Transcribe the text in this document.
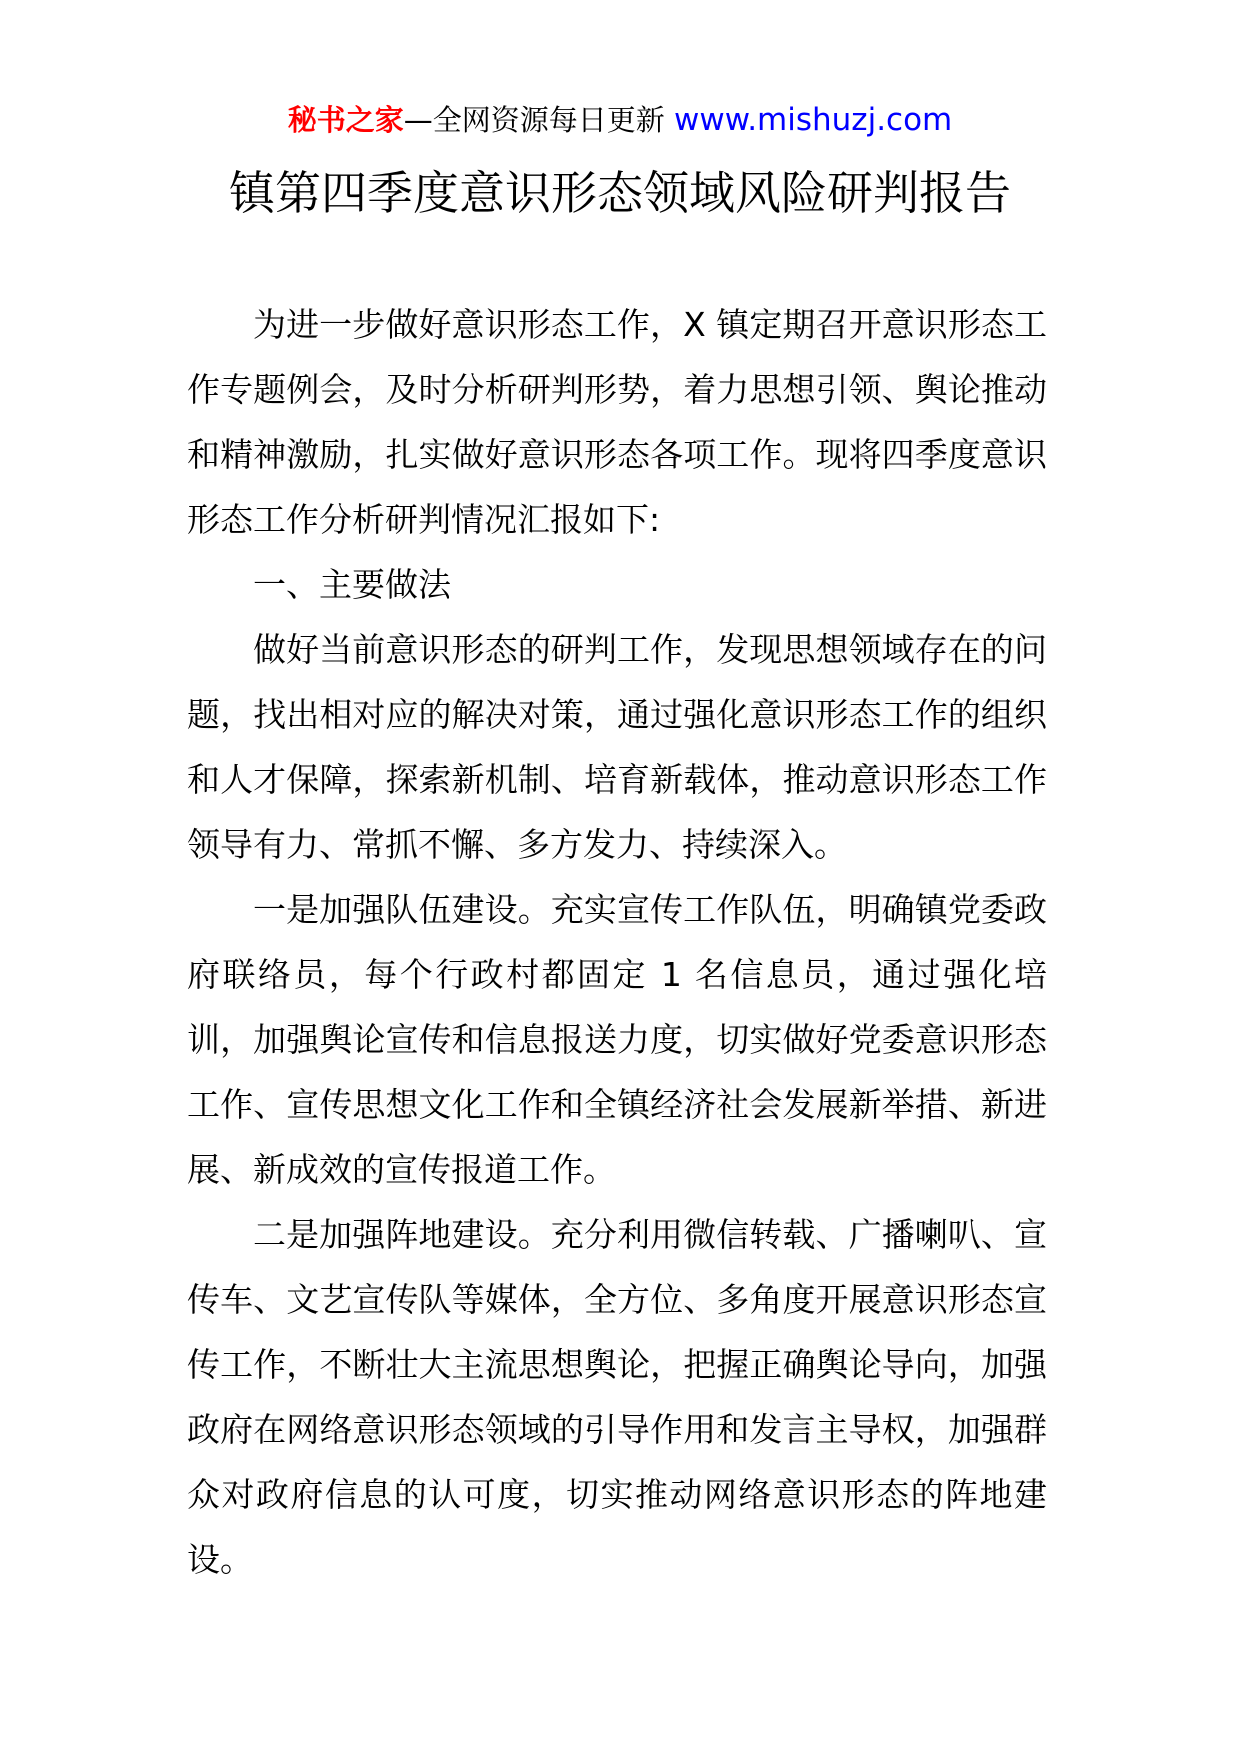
秘书之家—全网资源每日更新 www.mishuzj.com
镇第四季度意识形态领域风险研判报告

为进一步做好意识形态工作，X 镇定期召开意识形态工作专题例会，及时分析研判形势，着力思想引领、舆论推动和精神激励，扎实做好意识形态各项工作。现将四季度意识形态工作分析研判情况汇报如下:

一、主要做法

做好当前意识形态的研判工作，发现思想领域存在的问题，找出相对应的解决对策，通过强化意识形态工作的组织和人才保障，探索新机制、培育新载体，推动意识形态工作领导有力、常抓不懈、多方发力、持续深入。

一是加强队伍建设。充实宣传工作队伍，明确镇党委政府联络员，每个行政村都固定 1 名信息员，通过强化培训，加强舆论宣传和信息报送力度，切实做好党委意识形态工作、宣传思想文化工作和全镇经济社会发展新举措、新进展、新成效的宣传报道工作。

二是加强阵地建设。充分利用微信转载、广播喇叭、宣传车、文艺宣传队等媒体，全方位、多角度开展意识形态宣传工作，不断壮大主流思想舆论，把握正确舆论导向，加强政府在网络意识形态领域的引导作用和发言主导权，加强群众对政府信息的认可度，切实推动网络意识形态的阵地建设。
